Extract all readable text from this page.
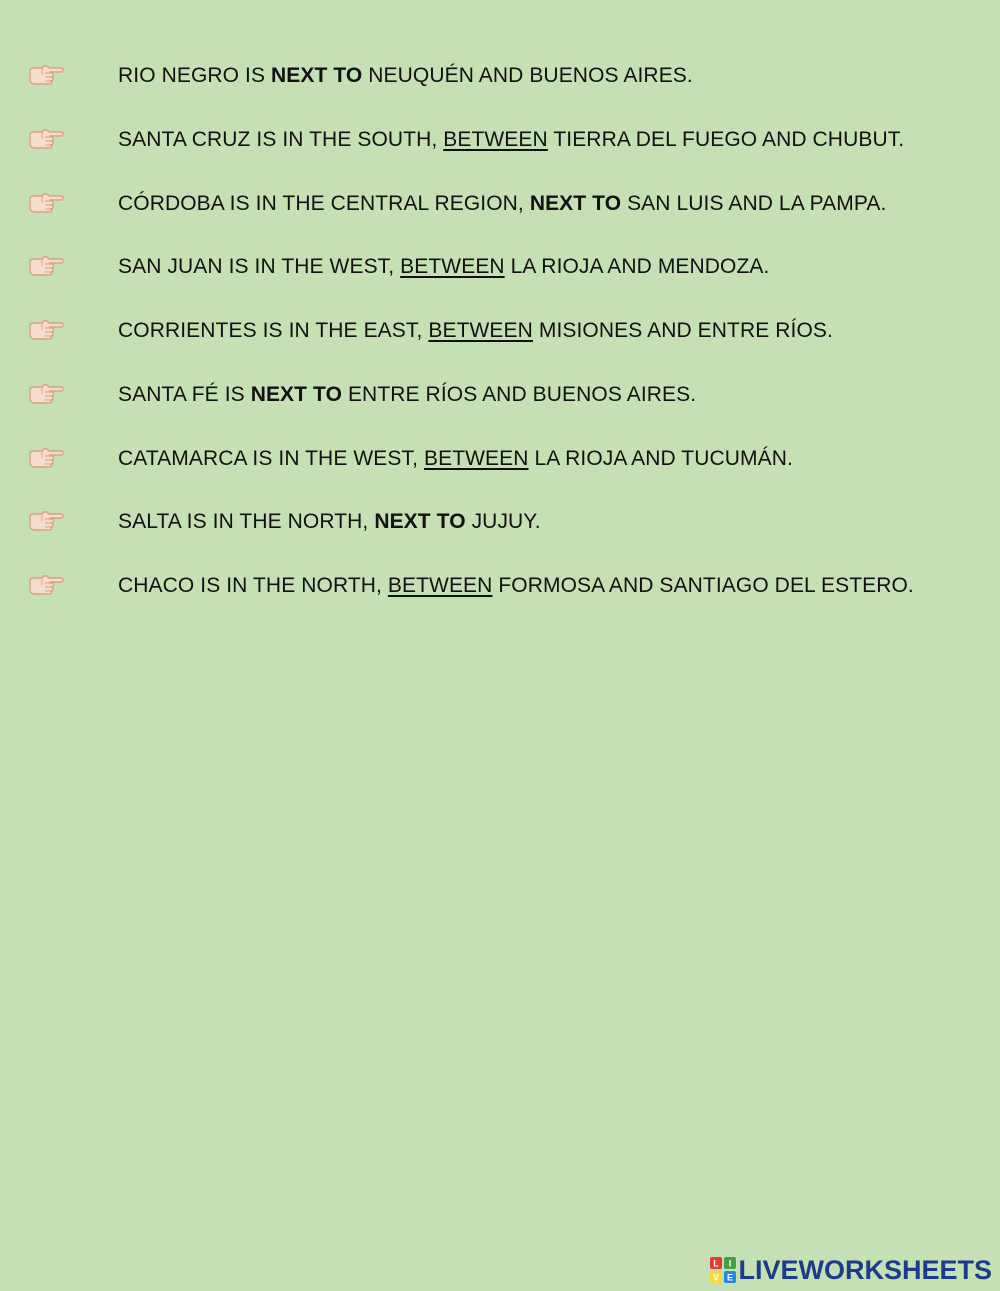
RIO NEGRO IS NEXT TO NEUQUÉN AND BUENOS AIRES.
SANTA CRUZ IS IN THE SOUTH, BETWEEN TIERRA DEL FUEGO AND CHUBUT.
CÓRDOBA IS IN THE CENTRAL REGION, NEXT TO SAN LUIS AND LA PAMPA.
SAN JUAN IS IN THE WEST, BETWEEN LA RIOJA AND MENDOZA.
CORRIENTES IS IN THE EAST, BETWEEN MISIONES AND ENTRE RÍOS.
SANTA FÉ IS NEXT TO ENTRE RÍOS AND BUENOS AIRES.
CATAMARCA IS IN THE WEST, BETWEEN LA RIOJA AND TUCUMÁN.
SALTA IS IN THE NORTH, NEXT TO JUJUY.
CHACO IS IN THE NORTH, BETWEEN FORMOSA AND SANTIAGO DEL ESTERO.
L I
V E LIVEWORKSHEETS
